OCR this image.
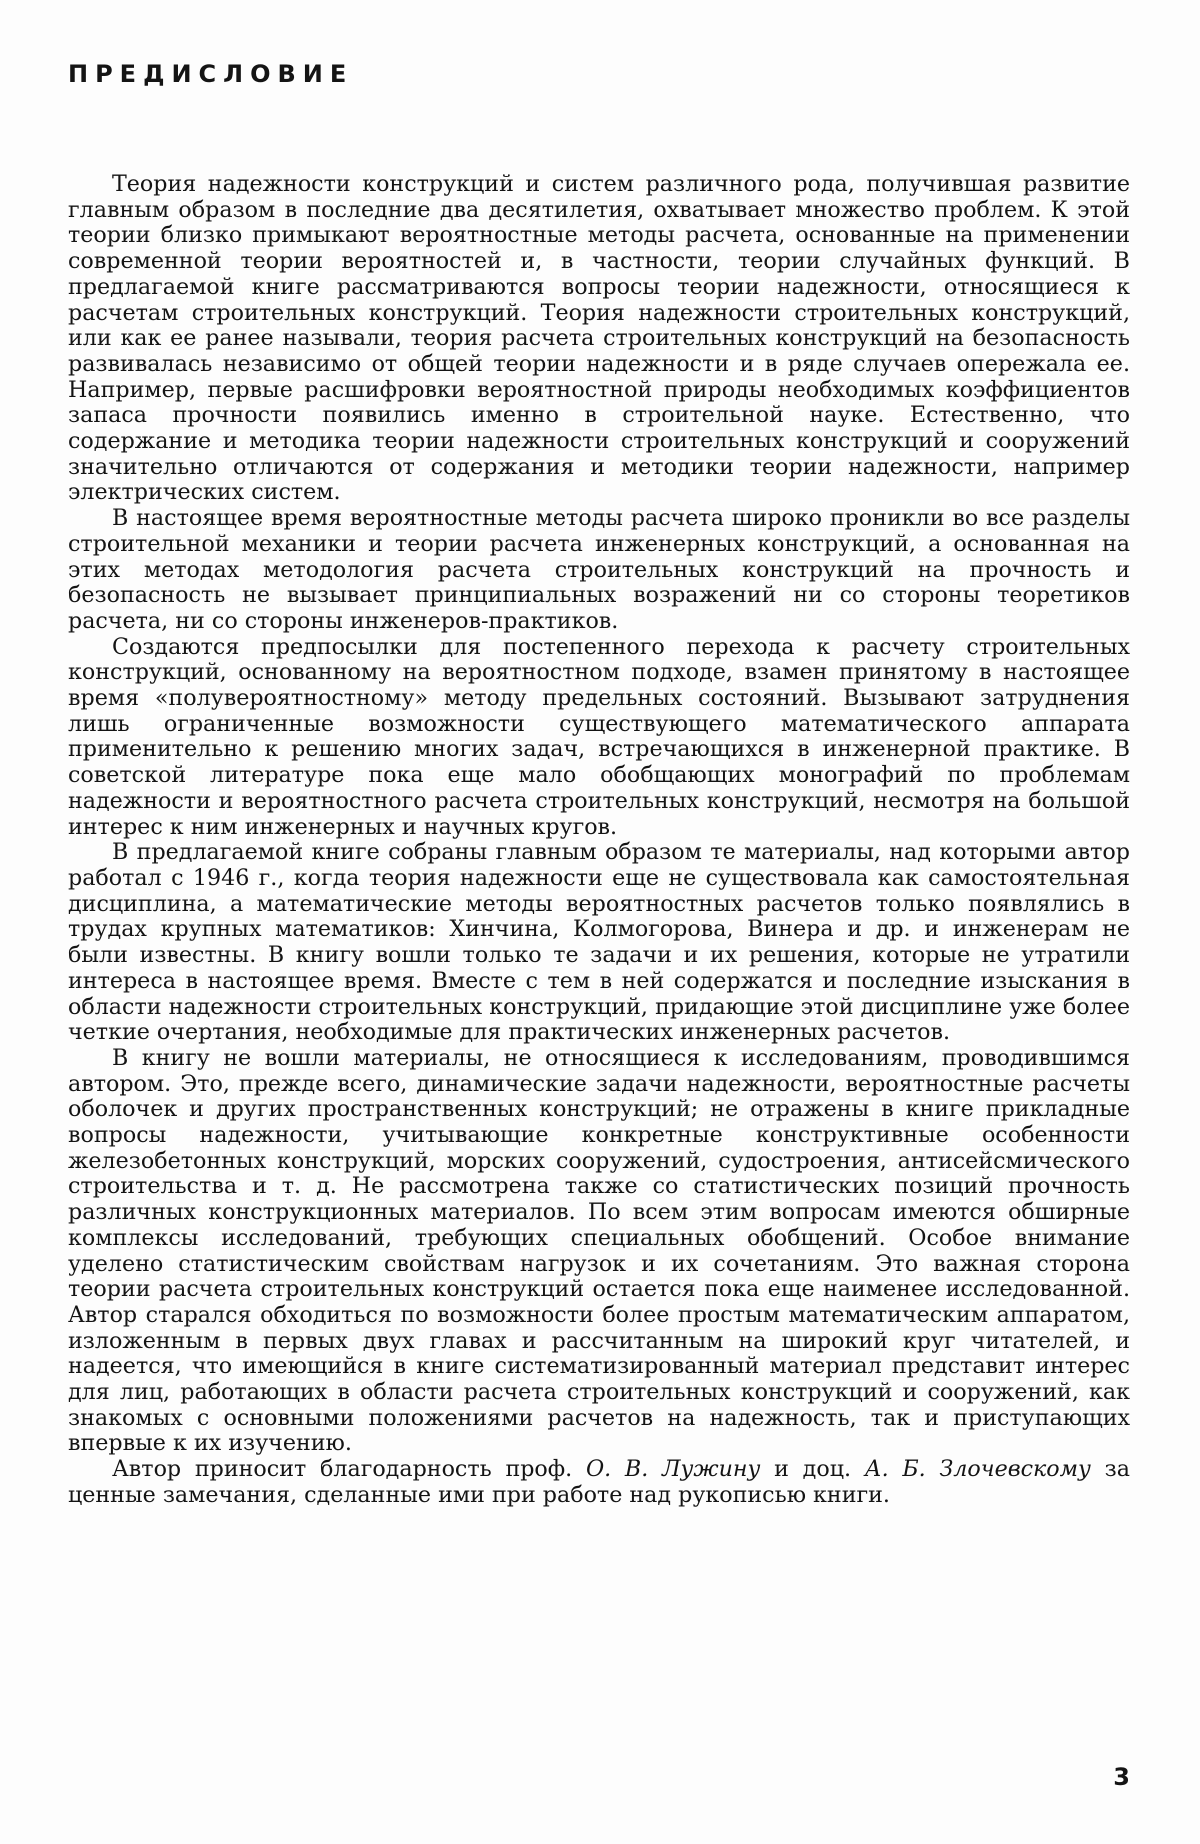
ПРЕДИСЛОВИЕ

Теория надежности конструкций и систем различного рода, получившая развитие главным образом в последние два десятилетия, охватывает множество проблем. К этой теории близко примыкают вероятностные методы расчета, основанные на применении современной теории вероятностей и, в частности, теории случайных функций. В предлагаемой книге рассматриваются вопросы теории надежности, относящиеся к расчетам строительных конструкций. Теория надежности строительных конструкций, или как ее ранее называли, теория расчета строительных конструкций на безопасность развивалась независимо от общей теории надежности и в ряде случаев опережала ее. Например, первые расшифровки вероятностной природы необходимых коэффициентов запаса прочности появились именно в строительной науке. Естественно, что содержание и методика теории надежности строительных конструкций и сооружений значительно отличаются от содержания и методики теории надежности, например электрических систем.

В настоящее время вероятностные методы расчета широко проникли во все разделы строительной механики и теории расчета инженерных конструкций, а основанная на этих методах методология расчета строительных конструкций на прочность и безопасность не вызывает принципиальных возражений ни со стороны теоретиков расчета, ни со стороны инженеров-практиков.

Создаются предпосылки для постепенного перехода к расчету строительных конструкций, основанному на вероятностном подходе, взамен принятому в настоящее время «полувероятностному» методу предельных состояний. Вызывают затруднения лишь ограниченные возможности существующего математического аппарата применительно к решению многих задач, встречающихся в инженерной практике. В советской литературе пока еще мало обобщающих монографий по проблемам надежности и вероятностного расчета строительных конструкций, несмотря на большой интерес к ним инженерных и научных кругов.

В предлагаемой книге собраны главным образом те материалы, над которыми автор работал с 1946 г., когда теория надежности еще не существовала как самостоятельная дисциплина, а математические методы вероятностных расчетов только появлялись в трудах крупных математиков: Хинчина, Колмогорова, Винера и др. и инженерам не были известны. В книгу вошли только те задачи и их решения, которые не утратили интереса в настоящее время. Вместе с тем в ней содержатся и последние изыскания в области надежности строительных конструкций, придающие этой дисциплине уже более четкие очертания, необходимые для практических инженерных расчетов.

В книгу не вошли материалы, не относящиеся к исследованиям, проводившимся автором. Это, прежде всего, динамические задачи надежности, вероятностные расчеты оболочек и других пространственных конструкций; не отражены в книге прикладные вопросы надежности, учитывающие конкретные конструктивные особенности железобетонных конструкций, морских сооружений, судостроения, антисейсмического строительства и т. д. Не рассмотрена также со статистических позиций прочность различных конструкционных материалов. По всем этим вопросам имеются обширные комплексы исследований, требующих специальных обобщений. Особое внимание уделено статистическим свойствам нагрузок и их сочетаниям. Это важная сторона теории расчета строительных конструкций остается пока еще наименее исследованной. Автор старался обходиться по возможности более простым математическим аппаратом, изложенным в первых двух главах и рассчитанным на широкий круг читателей, и надеется, что имеющийся в книге систематизированный материал представит интерес для лиц, работающих в области расчета строительных конструкций и сооружений, как знакомых с основными положениями расчетов на надежность, так и приступающих впервые к их изучению.

Автор приносит благодарность проф. О. В. Лужину и доц. А. Б. Злочевскому за ценные замечания, сделанные ими при работе над рукописью книги.

3
